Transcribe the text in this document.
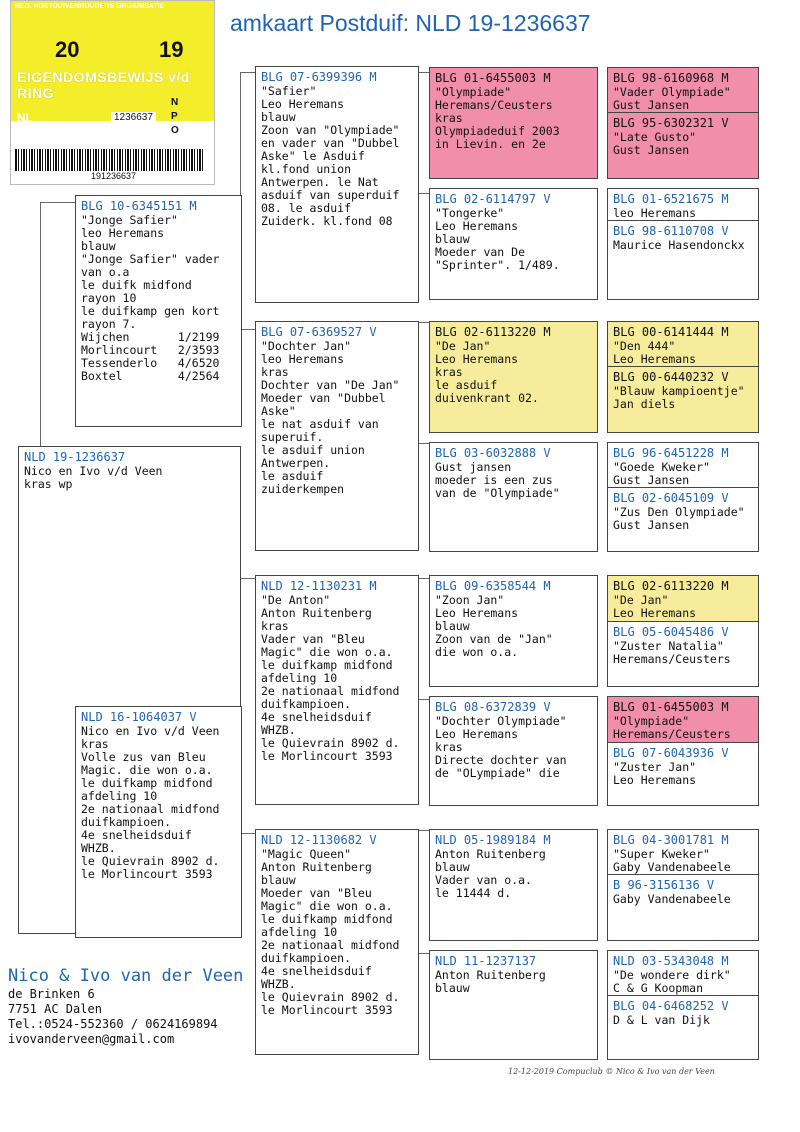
amkaart Postduif: NLD 19-1236637
NED. POSTDUIVENHOUDERS ORGANISATIE
20	19
EIGENDOMSBEWIJS v/d RING
NL	1236637
N
P
O
191236637
NLD 19-1236637
Nico en Ivo v/d Veen
kras wp
BLG 10-6345151 M
"Jonge Safier"
leo Heremans
blauw
"Jonge Safier" vader
van o.a
le duifk midfond
rayon 10
le duifkamp gen kort
rayon 7.
Wijchen       1/2199
Morlincourt   2/3593
Tessenderlo   4/6520
Boxtel        4/2564
NLD 16-1064037 V
Nico en Ivo v/d Veen
kras
Volle zus van Bleu
Magic. die won o.a.
le duifkamp midfond
afdeling 10
2e nationaal midfond
duifkampioen.
4e snelheidsduif
WHZB.
le Quievrain 8902 d.
le Morlincourt 3593
BLG 07-6399396 M
"Safier"
Leo Heremans
blauw
Zoon van "Olympiade"
en vader van "Dubbel
Aske" le Asduif
kl.fond union
Antwerpen. le Nat
asduif van superduif
08. le asduif
Zuiderk. kl.fond 08
BLG 07-6369527 V
"Dochter Jan"
leo Heremans
kras
Dochter van "De Jan"
Moeder van "Dubbel
Aske"
le nat asduif van
superuif.
le asduif union
Antwerpen.
le asduif
zuiderkempen
NLD 12-1130231 M
"De Anton"
Anton Ruitenberg
kras
Vader van "Bleu
Magic" die won o.a.
le duifkamp midfond
afdeling 10
2e nationaal midfond
duifkampioen.
4e snelheidsduif
WHZB.
le Quievrain 8902 d.
le Morlincourt 3593
NLD 12-1130682 V
"Magic Queen"
Anton Ruitenberg
blauw
Moeder van "Bleu
Magic" die won o.a.
le duifkamp midfond
afdeling 10
2e nationaal midfond
duifkampioen.
4e snelheidsduif
WHZB.
le Quievrain 8902 d.
le Morlincourt 3593
BLG 01-6455003 M
"Olympiade"
Heremans/Ceusters
kras
Olympiadeduif 2003
in Lievin. en 2e
BLG 02-6114797 V
"Tongerke"
Leo Heremans
blauw
Moeder van De
"Sprinter". 1/489.
BLG 02-6113220 M
"De Jan"
Leo Heremans
kras
le asduif
duivenkrant 02.
BLG 03-6032888 V
Gust jansen
moeder is een zus
van de "Olympiade"
BLG 09-6358544 M
"Zoon Jan"
Leo Heremans
blauw
Zoon van de "Jan"
die won o.a.
BLG 08-6372839 V
"Dochter Olympiade"
Leo Heremans
kras
Directe dochter van
de "OLympiade" die
NLD 05-1989184 M
Anton Ruitenberg
blauw
Vader van o.a.
le 11444 d.
NLD 11-1237137
Anton Ruitenberg
blauw
BLG 98-6160968 M
"Vader Olympiade"
Gust Jansen
BLG 95-6302321 V
"Late Gusto"
Gust Jansen
BLG 01-6521675 M
leo Heremans
BLG 98-6110708 V
Maurice Hasendonckx
BLG 00-6141444 M
"Den 444"
Leo Heremans
BLG 00-6440232 V
"Blauw kampioentje"
Jan diels
BLG 96-6451228 M
"Goede Kweker"
Gust Jansen
BLG 02-6045109 V
"Zus Den Olympiade"
Gust Jansen
BLG 02-6113220 M
"De Jan"
Leo Heremans
BLG 05-6045486 V
"Zuster Natalia"
Heremans/Ceusters
BLG 01-6455003 M
"Olympiade"
Heremans/Ceusters
BLG 07-6043936 V
"Zuster Jan"
Leo Heremans
BLG 04-3001781 M
"Super Kweker"
Gaby Vandenabeele
B 96-3156136 V
Gaby Vandenabeele
NLD 03-5343048 M
"De wondere dirk"
C & G Koopman
BLG 04-6468252 V
D & L van Dijk
Nico & Ivo van der Veen
de Brinken 6
7751 AC Dalen
Tel.:0524-552360 / 0624169894
ivovanderveen@gmail.com
12-12-2019 Compuclub © Nico & Ivo van der Veen
